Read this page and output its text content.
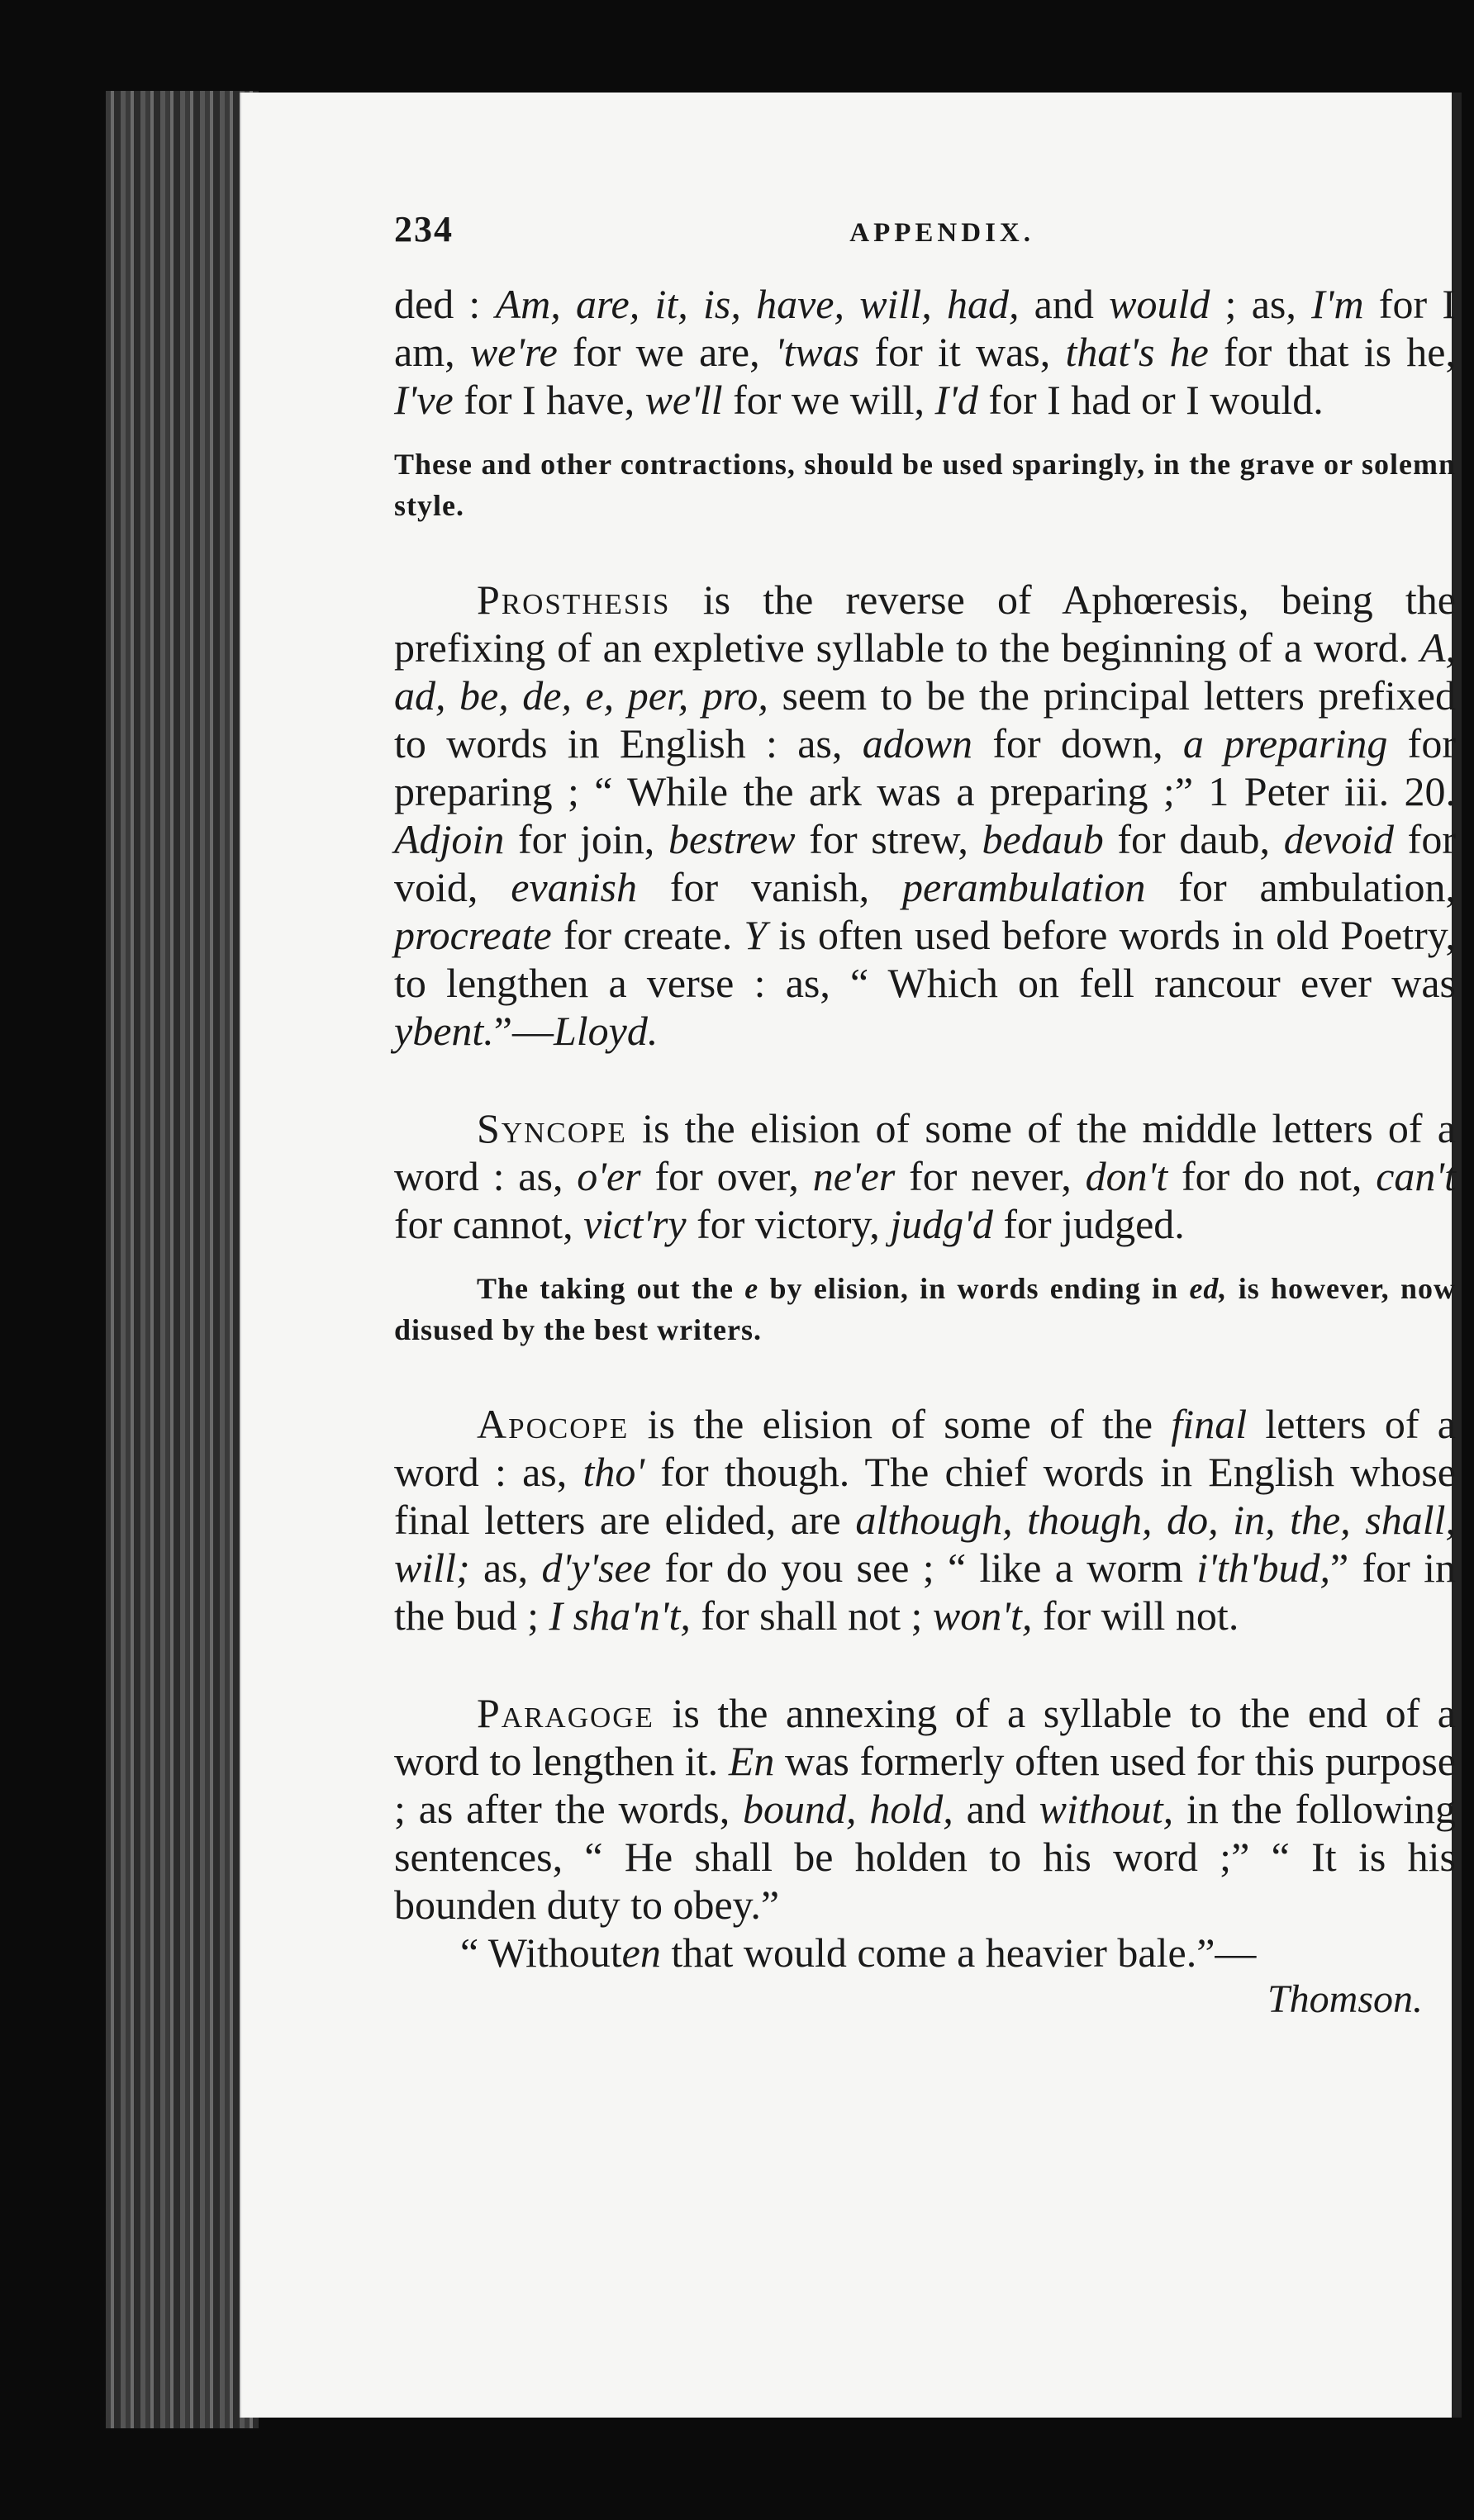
234	APPENDIX.

ded : Am, are, it, is, have, will, had, and would ; as, I'm for I am, we're for we are, 'twas for it was, that's he for that is he, I've for I have, we'll for we will, I'd for I had or I would.

These and other contractions, should be used sparingly, in the grave or solemn style.

Prosthesis is the reverse of Aphœresis, being the prefixing of an expletive syllable to the beginning of a word. A, ad, be, de, e, per, pro, seem to be the principal letters prefixed to words in English : as, adown for down, a preparing for preparing ; “ While the ark was a preparing ;” 1 Peter iii. 20. Adjoin for join, bestrew for strew, bedaub for daub, devoid for void, evanish for vanish, perambulation for ambulation, procreate for create. Y is often used before words in old Poetry, to lengthen a verse : as, “ Which on fell rancour ever was ybent.”—Lloyd.

Syncope is the elision of some of the middle letters of a word : as, o'er for over, ne'er for never, don't for do not, can't for cannot, vict'ry for victory, judg'd for judged.

The taking out the e by elision, in words ending in ed, is however, now disused by the best writers.

Apocope is the elision of some of the final letters of a word : as, tho' for though. The chief words in English whose final letters are elided, are although, though, do, in, the, shall, will; as, d'y'see for do you see ; “ like a worm i'th'bud,” for in the bud ; I sha'n't, for shall not ; won't, for will not.

Paragoge is the annexing of a syllable to the end of a word to lengthen it. En was formerly often used for this purpose ; as after the words, bound, hold, and without, in the following sentences, “ He shall be holden to his word ;” “ It is his bounden duty to obey.”

“ Withouten that would come a heavier bale.”—
Thomson.
